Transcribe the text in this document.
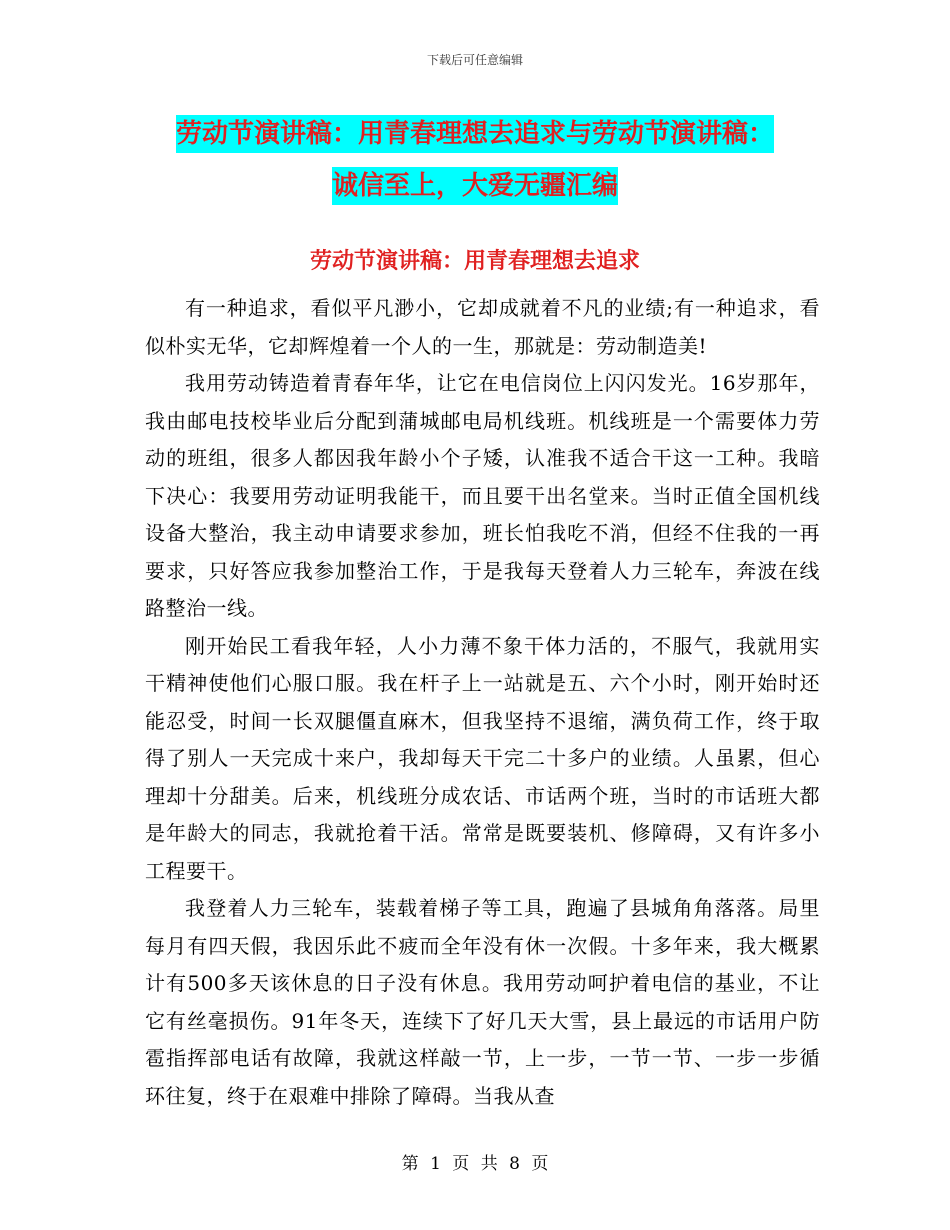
下载后可任意编辑
劳动节演讲稿：用青春理想去追求与劳动节演讲稿：
诚信至上，大爱无疆汇编
劳动节演讲稿：用青春理想去追求

有一种追求，看似平凡渺小，它却成就着不凡的业绩;有一种追求，看似朴实无华，它却辉煌着一个人的一生，那就是：劳动制造美!

我用劳动铸造着青春年华，让它在电信岗位上闪闪发光。16岁那年，我由邮电技校毕业后分配到蒲城邮电局机线班。机线班是一个需要体力劳动的班组，很多人都因我年龄小个子矮，认准我不适合干这一工种。我暗下决心：我要用劳动证明我能干，而且要干出名堂来。当时正值全国机线设备大整治，我主动申请要求参加，班长怕我吃不消，但经不住我的一再要求，只好答应我参加整治工作，于是我每天登着人力三轮车，奔波在线路整治一线。

刚开始民工看我年轻，人小力薄不象干体力活的，不服气，我就用实干精神使他们心服口服。我在杆子上一站就是五、六个小时，刚开始时还能忍受，时间一长双腿僵直麻木，但我坚持不退缩，满负荷工作，终于取得了别人一天完成十来户，我却每天干完二十多户的业绩。人虽累，但心理却十分甜美。后来，机线班分成农话、市话两个班，当时的市话班大都是年龄大的同志，我就抢着干活。常常是既要装机、修障碍，又有许多小工程要干。

我登着人力三轮车，装载着梯子等工具，跑遍了县城角角落落。局里每月有四天假，我因乐此不疲而全年没有休一次假。十多年来，我大概累计有500多天该休息的日子没有休息。我用劳动呵护着电信的基业，不让它有丝毫损伤。91年冬天，连续下了好几天大雪，县上最远的市话用户防雹指挥部电话有故障，我就这样敲一节，上一步，一节一节、一步一步循环往复，终于在艰难中排除了障碍。当我从查

第 1 页 共 8 页
